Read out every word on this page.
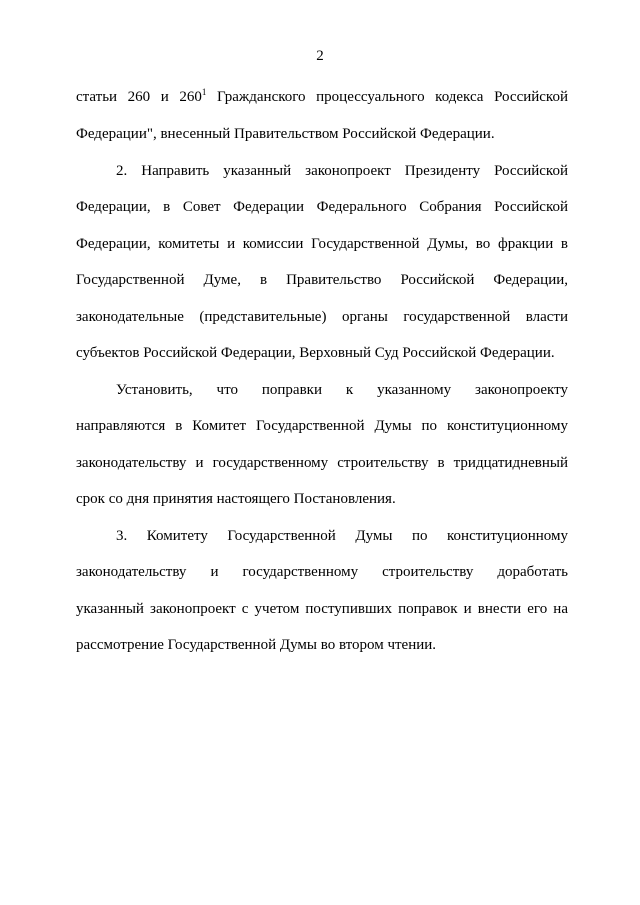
2
статьи 260 и $260^1$ Гражданского процессуального кодекса Российской
Федерации", внесенный Правительством Российской Федерации.
2. Направить указанный законопроект Президенту Российской
Федерации, в Совет Федерации Федерального Собрания Российской
Федерации, комитеты и комиссии Государственной Думы, во фракции в
Государственной Думе, в Правительство Российской Федерации,
законодательные (представительные) органы государственной власти
субъектов Российской Федерации, Верховный Суд Российской Федерации.
Установить, что поправки к указанному законопроекту
направляются в Комитет Государственной Думы по конституционному
законодательству и государственному строительству в тридцатидневный
срок со дня принятия настоящего Постановления.
3. Комитету Государственной Думы по конституционному
законодательству и государственному строительству доработать
указанный законопроект с учетом поступивших поправок и внести его на
рассмотрение Государственной Думы во втором чтении.
